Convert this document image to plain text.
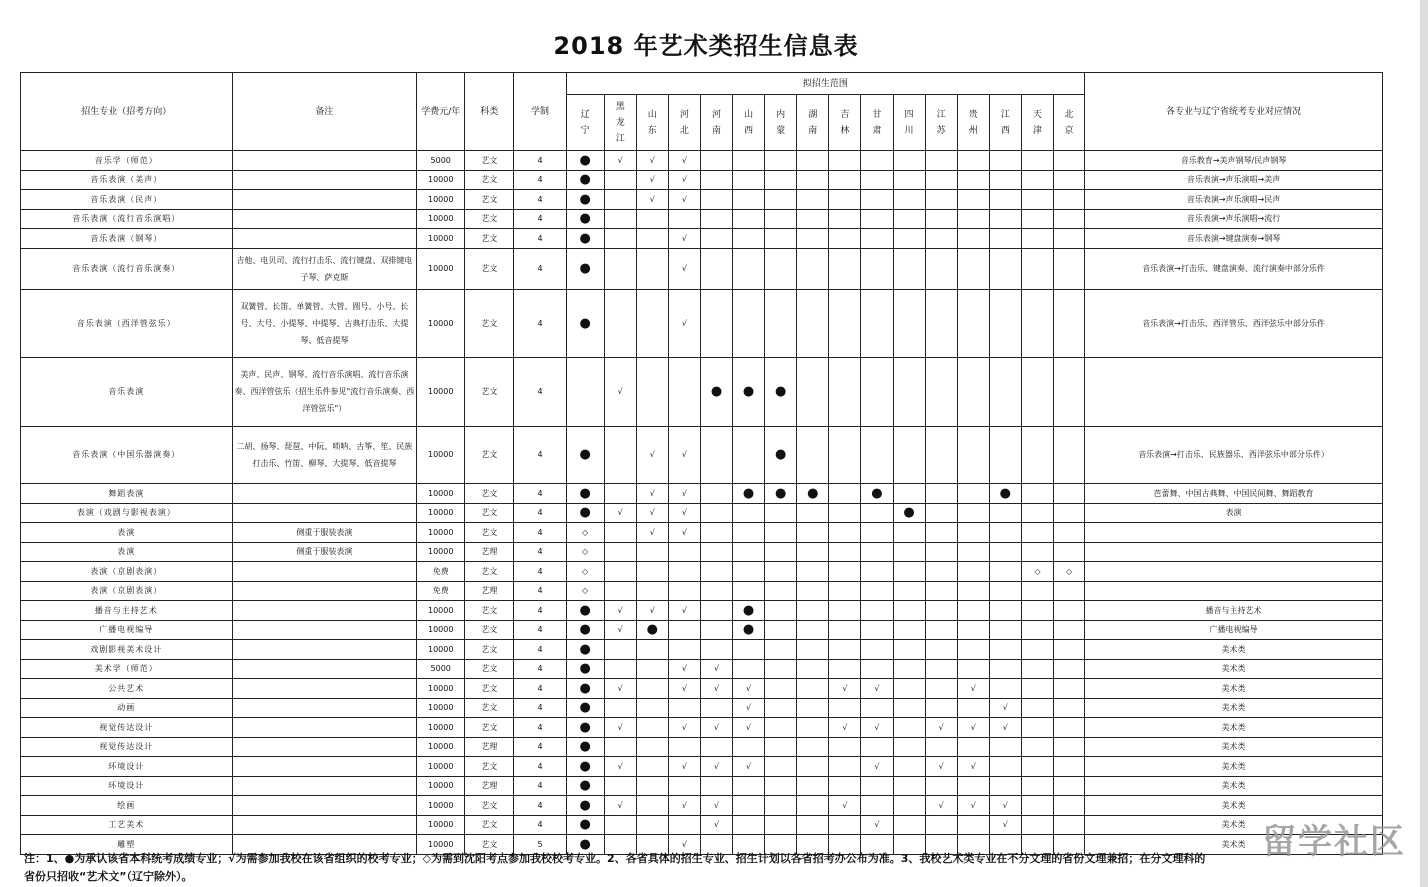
2018 年艺术类招生信息表
招生专业（招考方向）	备注	学费元/年	科类	学制	拟招生范围																各专业与辽宁省统考专业对应情况
					辽宁	黑龙江	山东	河北	河南	山西	内蒙	湖南	吉林	甘肃	四川	江苏	贵州	江西	天津	北京	
音乐学（师范）		5000	艺文	4	●	√	√	√													音乐教育→美声钢琴/民声钢琴
音乐表演（美声）		10000	艺文	4	●		√	√													音乐表演→声乐演唱→美声
音乐表演（民声）		10000	艺文	4	●		√	√													音乐表演→声乐演唱→民声
音乐表演（流行音乐演唱）		10000	艺文	4	●																音乐表演→声乐演唱→流行
音乐表演（钢琴）		10000	艺文	4	●			√													音乐表演→键盘演奏→钢琴
音乐表演（流行音乐演奏）	吉他、电贝司、流行打击乐、流行键盘、双排键电子琴、萨克斯	10000	艺文	4	●			√													音乐表演→打击乐、键盘演奏、流行演奏中部分乐件
音乐表演（西洋管弦乐）	双簧管、长笛、单簧管、大管、圆号、小号、长号、大号、小提琴、中提琴、古典打击乐、大提琴、低音提琴	10000	艺文	4	●			√													音乐表演→打击乐、西洋管乐、西洋弦乐中部分乐件
音乐表演	美声、民声、钢琴、流行音乐演唱、流行音乐演奏、西洋管弦乐（招生乐件参见"流行音乐演奏、西洋管弦乐"）	10000	艺文	4		√			●	●	●										
音乐表演（中国乐器演奏）	二胡、扬琴、琵琶、中阮、唢呐、古筝、笙、民族打击乐、竹笛、柳琴、大提琴、低音提琴	10000	艺文	4	●		√	√			●										音乐表演→打击乐、民族器乐、西洋弦乐中部分乐件）
舞蹈表演		10000	艺文	4	●		√	√		●	●	●		●				●			芭蕾舞、中国古典舞、中国民间舞、舞蹈教育
表演（戏剧与影视表演）		10000	艺文	4	●	√	√	√							●						表演
表演	侧重于服装表演	10000	艺文	4	◇		√	√													
表演	侧重于服装表演	10000	艺理	4	◇																
表演（京剧表演）		免费	艺文	4	◇														◇	◇	
表演（京剧表演）		免费	艺理	4	◇																
播音与主持艺术		10000	艺文	4	●	√	√	√		●											播音与主持艺术
广播电视编导		10000	艺文	4	●	√	●			●											广播电视编导
戏剧影视美术设计		10000	艺文	4	●																美术类
美术学（师范）		5000	艺文	4	●			√	√												美术类
公共艺术		10000	艺文	4	●	√		√	√	√			√	√			√				美术类
动画		10000	艺文	4	●					√								√			美术类
视觉传达设计		10000	艺文	4	●	√		√	√	√			√	√		√	√	√			美术类
视觉传达设计		10000	艺理	4	●																美术类
环境设计		10000	艺文	4	●	√		√	√	√				√		√	√				美术类
环境设计		10000	艺理	4	●																美术类
绘画		10000	艺文	4	●	√		√	√				√			√	√	√			美术类
工艺美术		10000	艺文	4	●				√					√				√			美术类
雕塑		10000	艺文	5	●			√													美术类
注：1、●为承认该省本科统考成绩专业；√为需参加我校在该省组织的校考专业；◇为需到沈阳考点参加我校校考专业。2、各省具体的招生专业、招生计划以各省招考办公布为准。3、我校艺术类专业在不分文理的省份文理兼招；在分文理科的
省份只招收“艺术文”（辽宁除外）。
留学社区
